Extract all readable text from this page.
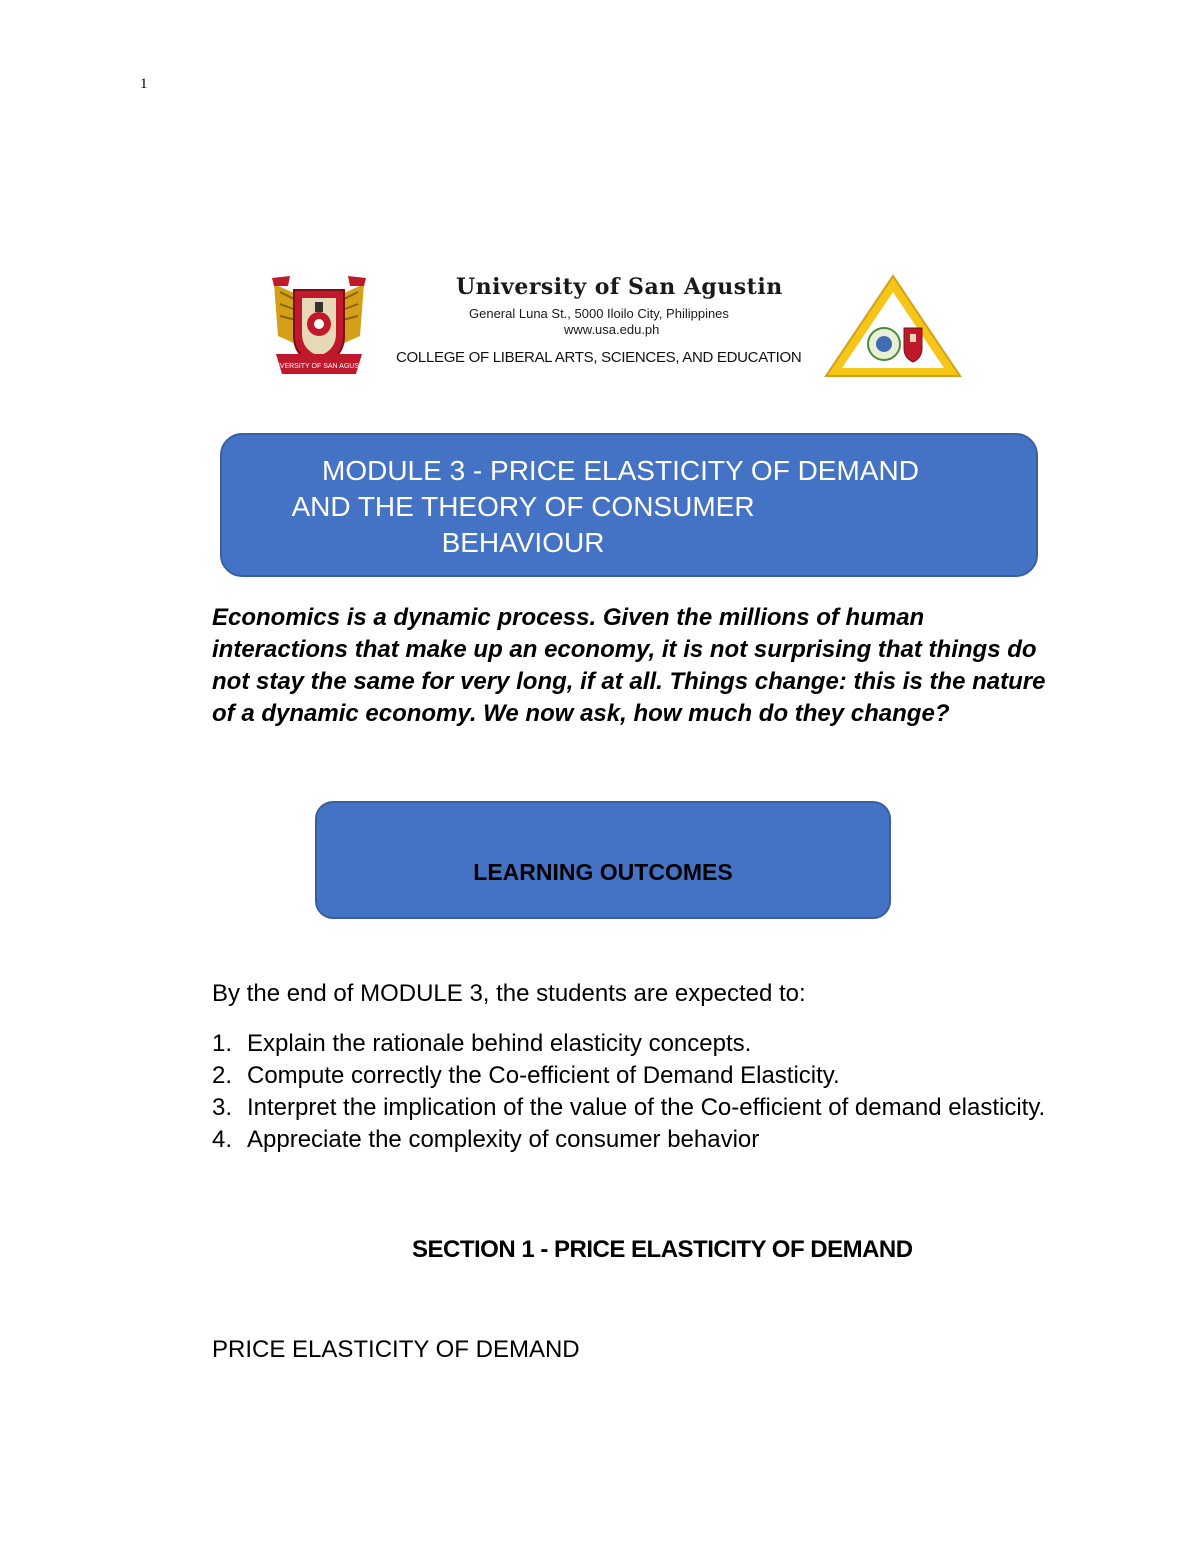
1
UNIVERSITY OF SAN AGUSTIN
University of San Agustin
General Luna St., 5000 Iloilo City, Philippines
www.usa.edu.ph
COLLEGE OF LIBERAL ARTS, SCIENCES, AND EDUCATION
MODULE 3 - PRICE ELASTICITY OF DEMAND
AND THE THEORY OF CONSUMER
BEHAVIOUR
Economics is a dynamic process. Given the millions of human interactions that make up an economy, it is not surprising that things do not stay the same for very long, if at all. Things change: this is the nature of a dynamic economy. We now ask, how much do they change?
LEARNING OUTCOMES
By the end of MODULE 3, the students are expected to:
1. Explain the rationale behind elasticity concepts.
2. Compute correctly the Co-efficient of Demand Elasticity.
3. Interpret the implication of the value of the Co-efficient of demand elasticity.
4. Appreciate the complexity of consumer behavior
SECTION 1 - PRICE ELASTICITY OF DEMAND
PRICE ELASTICITY OF DEMAND
